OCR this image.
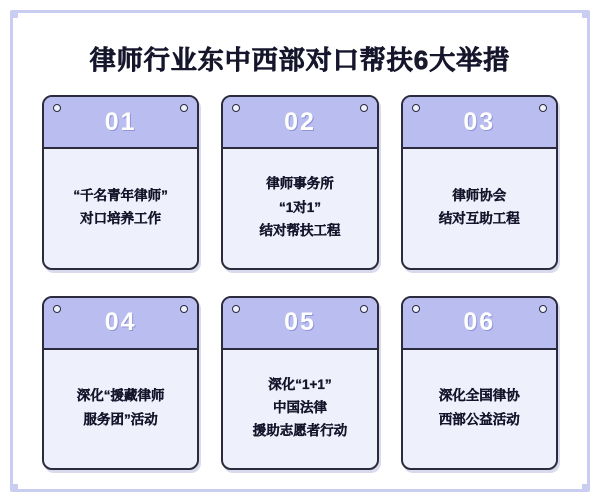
律师行业东中西部对口帮扶6大举措
01
“千名青年律师”
对口培养工作
02
律师事务所
“1对1”
结对帮扶工程
03
律师协会
结对互助工程
04
深化“援藏律师
服务团”活动
05
深化“1+1”
中国法律
援助志愿者行动
06
深化全国律协
西部公益活动
